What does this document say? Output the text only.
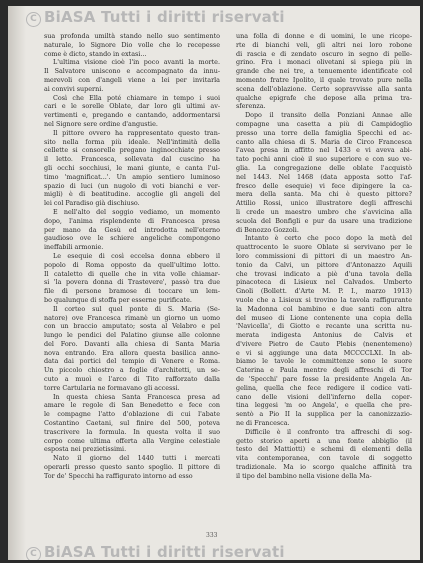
C BiASA Tutti i diritti riservati
sua profonda umiltà stando nello suo sentimento
naturale, lo Signore Dio volle che lo recepesse
come è dicto, stando in extasi...
L'ultima visione cioè l'in poco avanti la morte.
Il Salvatore uniscono e accompagnato da innu-
merevoli con d'angeli viene a lei per invitarla
ai convivi superni.
Così che Ella poté chiamare in tempo i suoi
cari e le sorelle Oblate, dar loro gli ultimi av-
vertimenti e, pregando e cantando, addormentarsi
nel Signore sere ordine d'angustie.
Il pittore ovvero ha rappresentato questo tran-
sito nella forma più ideale. Nell'intimità della
cellette si consorelle pregano inginocchiate presso
il letto. Francesca, sollevata dal cuscino ha
gli occhi socchiusi, le mani giunte, e canta l'ul-
timo 'magnificat...'. Un ampio sentiero luminoso
spazio di luci (un nugolo di voti bianchi e ver-
migli) è di beatitudine. accoglie gli angeli del
lei col Paradiso già dischiuso.
E nell'alto del soggio vediamo, un momento
dopo, l'anima risplendente di Francesca presa
per mano da Gesù ed introdotta nell'eterno
gaudioso ove le schiere angeliche compongono
ineffabili armonie.
Le esequie di così eccelsa donna ebbero il
popolo di Roma opposto da quell'ultimo lotto.
Il cataletto di quelle che in vita volle chiamar-
si 'la povera donna di Trastevere', passò tra due
file di persone bramose di toccare un lem-
bo qualunque di stoffa per esserne purificate.
Il corteo sul quel ponte di S. Maria (Se-
natore) ove Francesca rimanè un giorno un uomo
con un braccio amputato; sosta al Velabro e pel
lungo le pendici del Palatino giunse alle colonne
del Foro. Davanti alla chiesa di Santa Maria
nova entrando. Era allora questa basilica anno-
data dai portici del tempio di Venere e Roma.
Un piccolo chiostro a foglie d'architetti, un se-
cuto a muoì e l'arco di Tito rafforzato dalla
torre Cartularia ne formavano gli accessi.
In questa chiesa Santa Francesca presa ad
amare le regole di San Benedetto e fece con
le compagne l'atto d'oblazione di cui l'abate
Costantino Caetani, sul finire del 500, poteva
trascrivere la formula. In questa volta il suo
corpo come ultima offerta alla Vergine celestiale
esposta nei prezietissimi.
Nato il giorno del 1440 tutti i mercati
operarli presso questo santo spoglio. Il pittore di
Tor de' Specchi ha raffigurato intorno ad esso
una folla di donne e di uomini, le une ricope-
rte di bianchi veli, gli altri nei loro robone
di rascia e di zendato oscuro in segno di pelle-
grino. Fra i monaci olivetani si spiega più in
grande che nei tre, a tenuemente identificate col
momento fratre Ipolito, il quale trovato pure nella
scena dell'oblazione. Certo sopravvisse alla santa
qualche epigrafe che depose alla prima tra-
sferenza.
Dopo il transito della Ponziani Annae alle
compagne una casetta a più di Campidoglio
presso una torre della famiglia Specchi ed ac-
canto alla chiesa di S. Maria de Circo Francesca
l'avea presa in affitto nel 1433 e vi aveva abi-
tato pochi anni cioè il suo superiore e con suo ve-
glia. La congregazione delle oblate l'acquistò
nel 1443. Nel 1468 (data apposta sotto l'af-
fresco delle esequie) vi fece dipingere la ca-
mera della santa. Ma chi è questo pittore?
Attilio Rossi, unico illustratore degli affreschi
li crede un maestro umbro che s'avvicina alla
scuola del Bonfigli e pur da usare una tradizione
di Benozzo Gozzoli.
Intanto è certo che poco dopo la metà del
quattrocento le suore Oblate si servivano per le
loro commissioni di pittori di un maestro An-
tonio da Calvi, un pittore d'Antonazzo Aquili
che trovasi indicato a piè d'una tavola della
pinacoteca di Lisieux nel Calvados. Umberto
Gnoli (Bollett. d'Arte M. P. I., marzo 1913)
vuole che a Lisieux si trovino la tavola raffigurante
la Madonna col bambino e due santi con altra
del museo di Lione contenente una copia della
'Navicella', di Giotto e recante una scritta nu-
merata indigesta Antonius de Calvis et
d'vivere Pietro de Cauto Plebis (nenentemeno)
e vi si aggiunge una data MCCCCLXI. In ab-
biamo le tavole le committenze sono le suore
Caterina e Paula mentre degli affreschi di Tor
de 'Specchi' pare fosse la presidente Angela An-
gelina, quella che fece redigere il codice vati-
cano delle visioni dell'inferno della coper-
tina leggesi 'm oo Angela', e quella che pre-
sentò a Pio II la supplica per la canonizzazio-
ne di Francesca.
Difficile è il confronto tra affreschi di sog-
getto storico aperti a una fonte abbiglio (il
testo del Mattiotti) e schemi di elementi della
vita contemporanea, con tavole di soggetto
tradizionale. Ma io scorgo qualche affinità tra
il tipo del bambino nella visione della Ma-
333
C BiASA Tutti i diritti riservati
